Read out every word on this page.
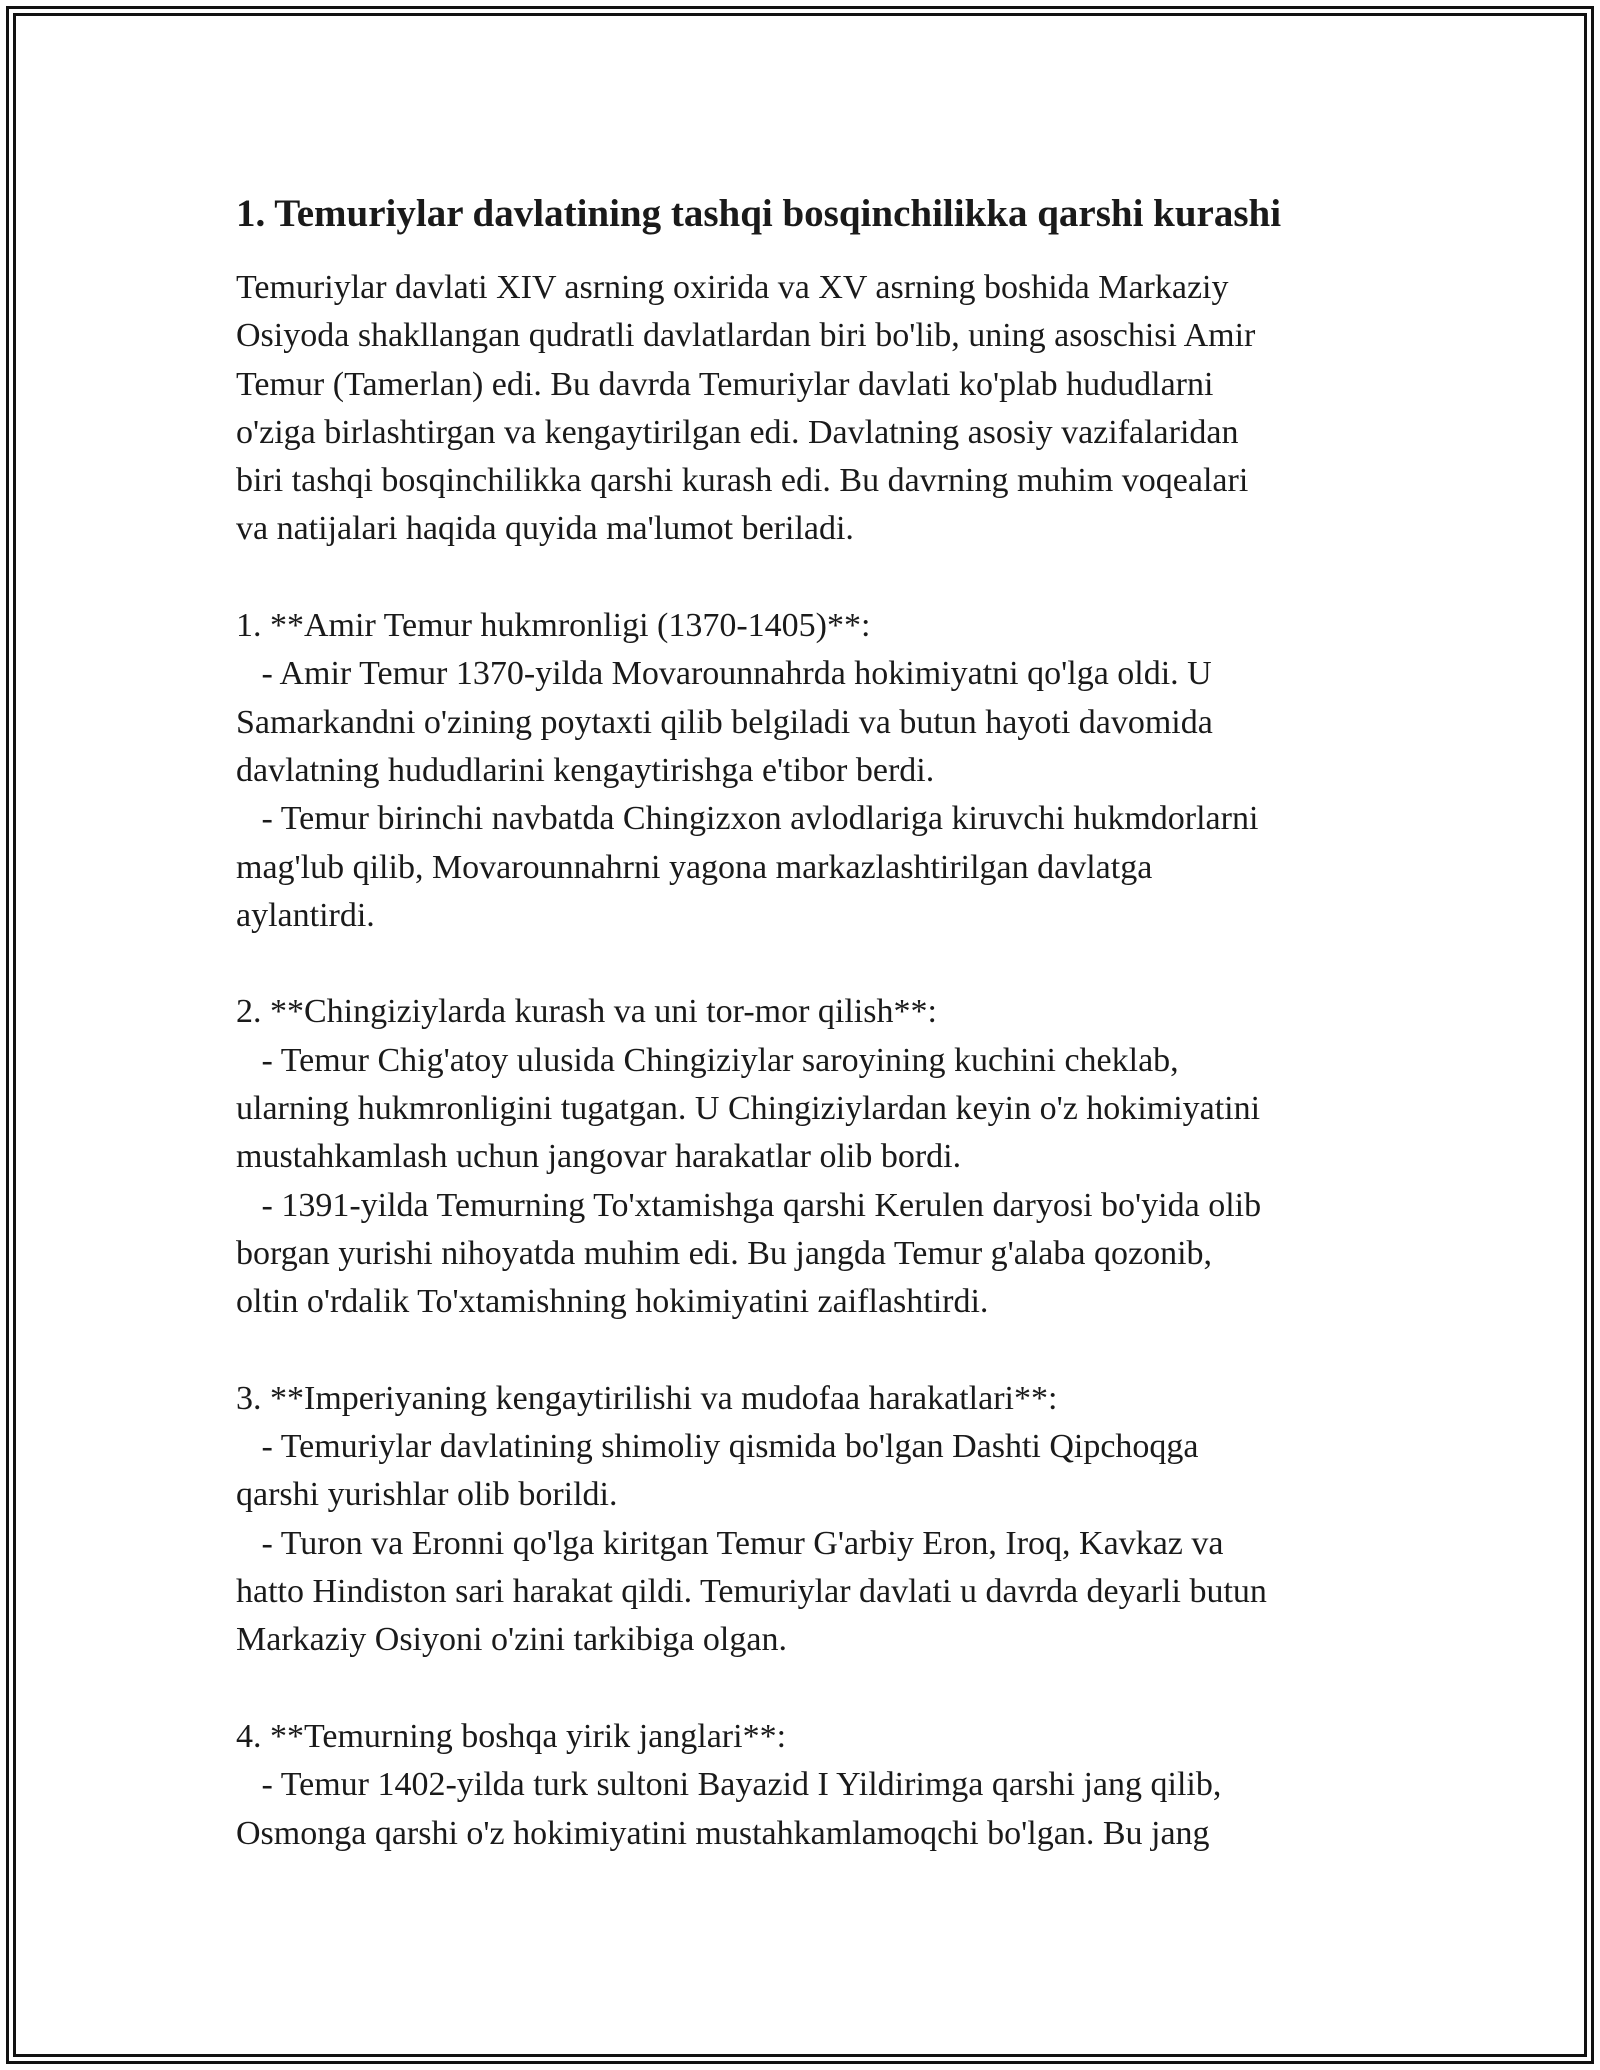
1. Temuriylar davlatining tashqi bosqinchilikka qarshi kurashi

Temuriylar davlati XIV asrning oxirida va XV asrning boshida Markaziy

Osiyoda shakllangan qudratli davlatlardan biri bo'lib, uning asoschisi Amir

Temur (Tamerlan) edi. Bu davrda Temuriylar davlati ko'plab hududlarni

o'ziga birlashtirgan va kengaytirilgan edi. Davlatning asosiy vazifalaridan

biri tashqi bosqinchilikka qarshi kurash edi. Bu davrning muhim voqealari

va natijalari haqida quyida ma'lumot beriladi.

1. **Amir Temur hukmronligi (1370-1405)**:

- Amir Temur 1370-yilda Movarounnahrda hokimiyatni qo'lga oldi. U

Samarkandni o'zining poytaxti qilib belgiladi va butun hayoti davomida

davlatning hududlarini kengaytirishga e'tibor berdi.

- Temur birinchi navbatda Chingizxon avlodlariga kiruvchi hukmdorlarni

mag'lub qilib, Movarounnahrni yagona markazlashtirilgan davlatga

aylantirdi.

2. **Chingiziylarda kurash va uni tor-mor qilish**:

- Temur Chig'atoy ulusida Chingiziylar saroyining kuchini cheklab,

ularning hukmronligini tugatgan. U Chingiziylardan keyin o'z hokimiyatini

mustahkamlash uchun jangovar harakatlar olib bordi.

- 1391-yilda Temurning To'xtamishga qarshi Kerulen daryosi bo'yida olib

borgan yurishi nihoyatda muhim edi. Bu jangda Temur g'alaba qozonib,

oltin o'rdalik To'xtamishning hokimiyatini zaiflashtirdi.

3. **Imperiyaning kengaytirilishi va mudofaa harakatlari**:

- Temuriylar davlatining shimoliy qismida bo'lgan Dashti Qipchoqga

qarshi yurishlar olib borildi.

- Turon va Eronni qo'lga kiritgan Temur G'arbiy Eron, Iroq, Kavkaz va

hatto Hindiston sari harakat qildi. Temuriylar davlati u davrda deyarli butun

Markaziy Osiyoni o'zini tarkibiga olgan.

4. **Temurning boshqa yirik janglari**:

- Temur 1402-yilda turk sultoni Bayazid I Yildirimga qarshi jang qilib,

Osmonga qarshi o'z hokimiyatini mustahkamlamoqchi bo'lgan. Bu jang
